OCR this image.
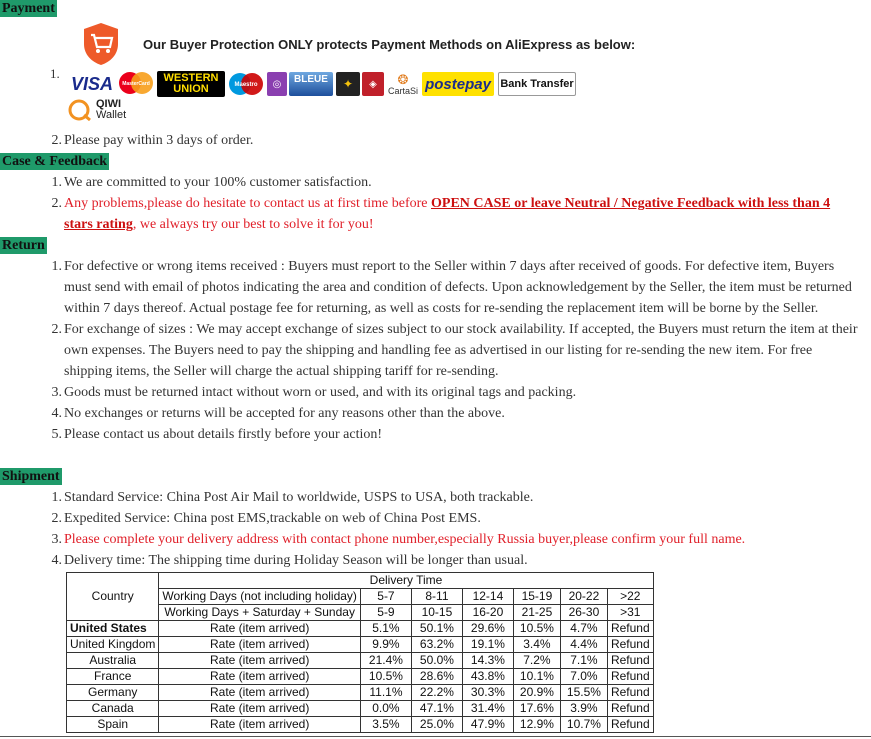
Payment
Our Buyer Protection ONLY protects Payment Methods on AliExpress as below:
1. VISA	MasterCard WESTERN
UNION	Maestro ◎	BLEUE	✦ ◈ ❂
CartaSi postepay Bank Transfer
QIWI
Wallet
2. Please pay within 3 days of order.
Case & Feedback
1. We are committed to your 100% customer satisfaction.
2. Any problems,please do hesitate to contact us at first time before OPEN CASE or leave Neutral / Negative Feedback with less than 4 stars rating, we always try our best to solve it for you!
Return
1. For defective or wrong items received : Buyers must report to the Seller within 7 days after received of goods. For defective item, Buyers must send with email of photos indicating the area and condition of defects. Upon acknowledgement by the Seller, the item must be returned within 7 days thereof. Actual postage fee for returning, as well as costs for re-sending the replacement item will be borne by the Seller.
2. For exchange of sizes : We may accept exchange of sizes subject to our stock availability. If accepted, the Buyers must return the item at their own expenses. The Buyers need to pay the shipping and handling fee as advertised in our listing for re-sending the new item. For free shipping items, the Seller will charge the actual shipping tariff for re-sending.
3. Goods must be returned intact without worn or used, and with its original tags and packing.
4. No exchanges or returns will be accepted for any reasons other than the above.
5. Please contact us about details firstly before your action!
Shipment
1. Standard Service: China Post Air Mail to worldwide, USPS to USA, both trackable.
2. Expedited Service: China post EMS,trackable on web of China Post EMS.
3. Please complete your delivery address with contact phone number,especially Russia buyer,please confirm your full name.
4. Delivery time: The shipping time during Holiday Season will be longer than usual.
Country	Delivery Time						
	Working Days (not including holiday)	5-7	8-11	12-14	15-19	20-22	>22
	Working Days + Saturday + Sunday	5-9	10-15	16-20	21-25	26-30	>31
United States	Rate (item arrived)	5.1%	50.1%	29.6%	10.5%	4.7%	Refund
United Kingdom	Rate (item arrived)	9.9%	63.2%	19.1%	3.4%	4.4%	Refund
Australia	Rate (item arrived)	21.4%	50.0%	14.3%	7.2%	7.1%	Refund
France	Rate (item arrived)	10.5%	28.6%	43.8%	10.1%	7.0%	Refund
Germany	Rate (item arrived)	11.1%	22.2%	30.3%	20.9%	15.5%	Refund
Canada	Rate (item arrived)	0.0%	47.1%	31.4%	17.6%	3.9%	Refund
Spain	Rate (item arrived)	3.5%	25.0%	47.9%	12.9%	10.7%	Refund
